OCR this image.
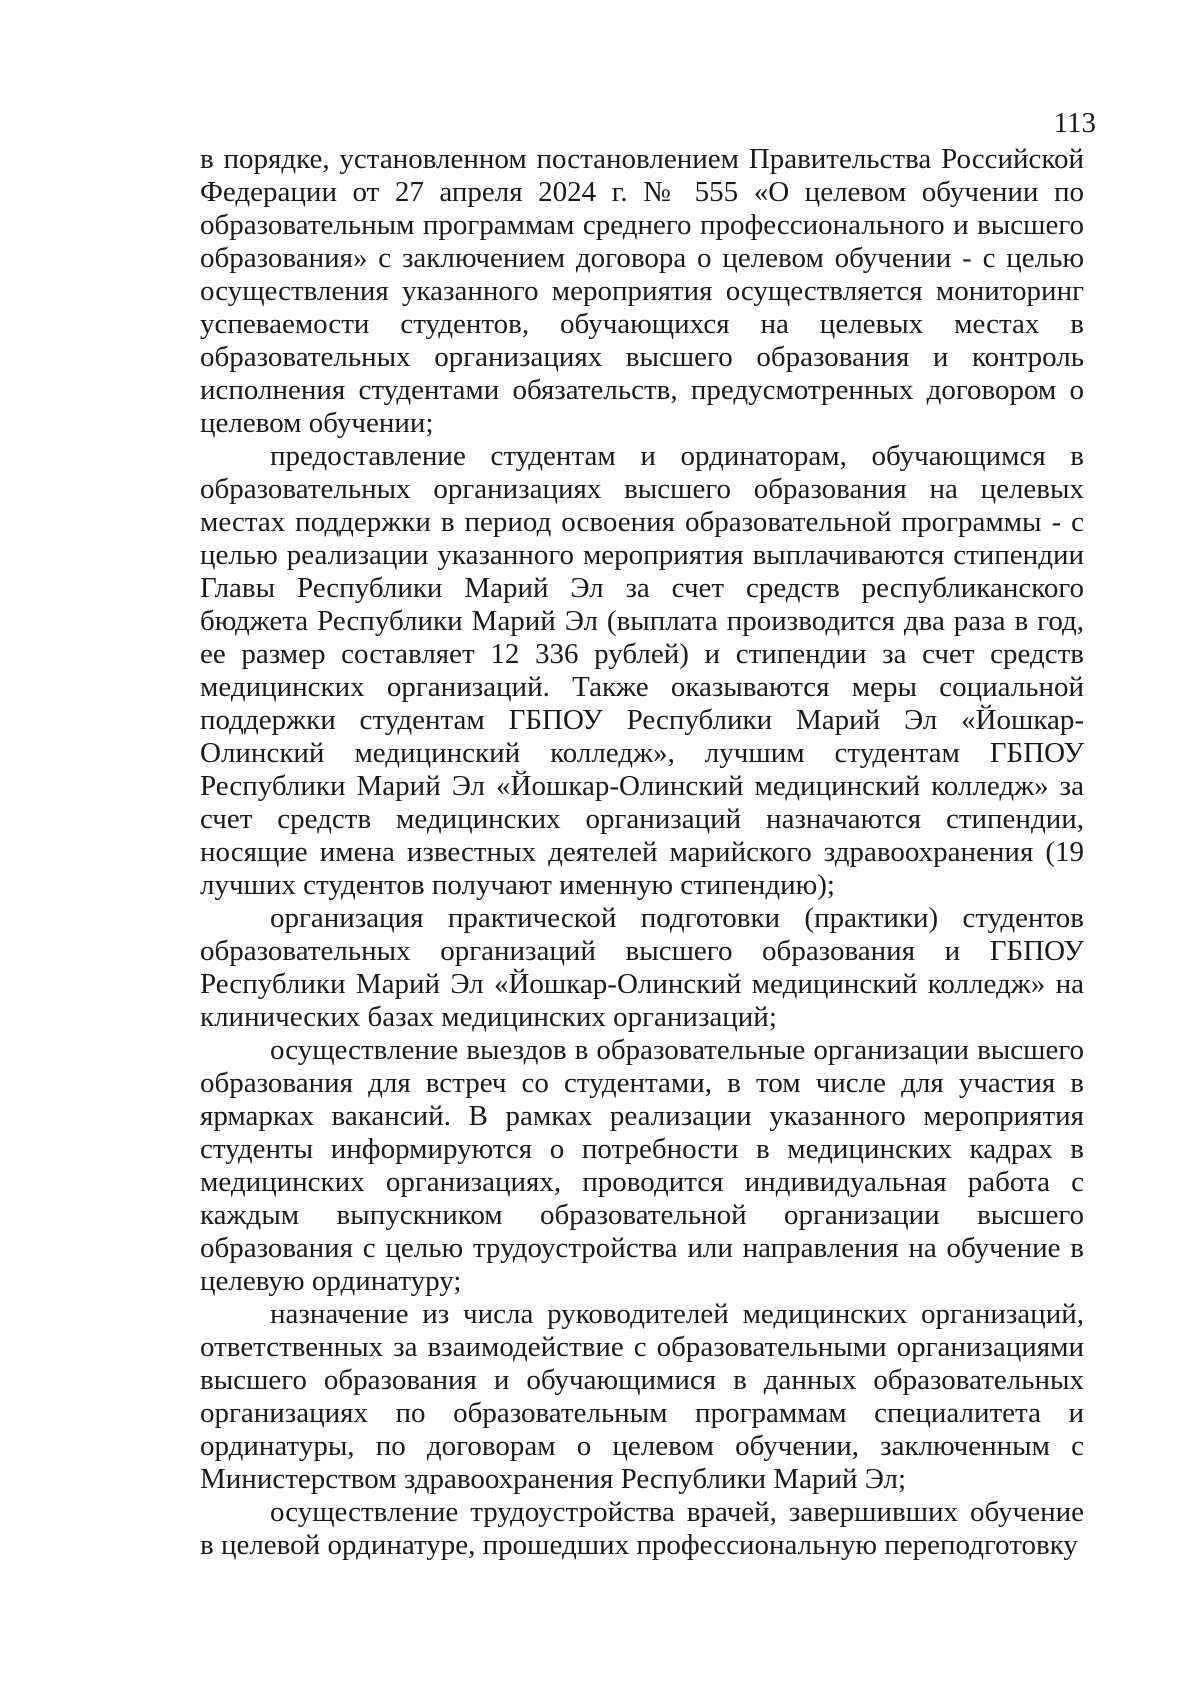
113

в порядке, установленном постановлением Правительства Российской Федерации от 27 апреля 2024 г. № 555 «О целевом обучении по образовательным программам среднего профессионального и высшего образования» с заключением договора о целевом обучении - с целью осуществления указанного мероприятия осуществляется мониторинг успеваемости студентов, обучающихся на целевых местах в образовательных организациях высшего образования и контроль исполнения студентами обязательств, предусмотренных договором о целевом обучении;

предоставление студентам и ординаторам, обучающимся в образовательных организациях высшего образования на целевых местах поддержки в период освоения образовательной программы - с целью реализации указанного мероприятия выплачиваются стипендии Главы Республики Марий Эл за счет средств республиканского бюджета Республики Марий Эл (выплата производится два раза в год, ее размер составляет 12 336 рублей) и стипендии за счет средств медицинских организаций. Также оказываются меры социальной поддержки студентам ГБПОУ Республики Марий Эл «Йошкар-Олинский медицинский колледж», лучшим студентам ГБПОУ Республики Марий Эл «Йошкар-Олинский медицинский колледж» за счет средств медицинских организаций назначаются стипендии, носящие имена известных деятелей марийского здравоохранения (19 лучших студентов получают именную стипендию);

организация практической подготовки (практики) студентов образовательных организаций высшего образования и ГБПОУ Республики Марий Эл «Йошкар-Олинский медицинский колледж» на клинических базах медицинских организаций;

осуществление выездов в образовательные организации высшего образования для встреч со студентами, в том числе для участия в ярмарках вакансий. В рамках реализации указанного мероприятия студенты информируются о потребности в медицинских кадрах в медицинских организациях, проводится индивидуальная работа с каждым выпускником образовательной организации высшего образования с целью трудоустройства или направления на обучение в целевую ординатуру;

назначение из числа руководителей медицинских организаций, ответственных за взаимодействие с образовательными организациями высшего образования и обучающимися в данных образовательных организациях по образовательным программам специалитета и ординатуры, по договорам о целевом обучении, заключенным с Министерством здравоохранения Республики Марий Эл;

осуществление трудоустройства врачей, завершивших обучение в целевой ординатуре, прошедших профессиональную переподготовку
